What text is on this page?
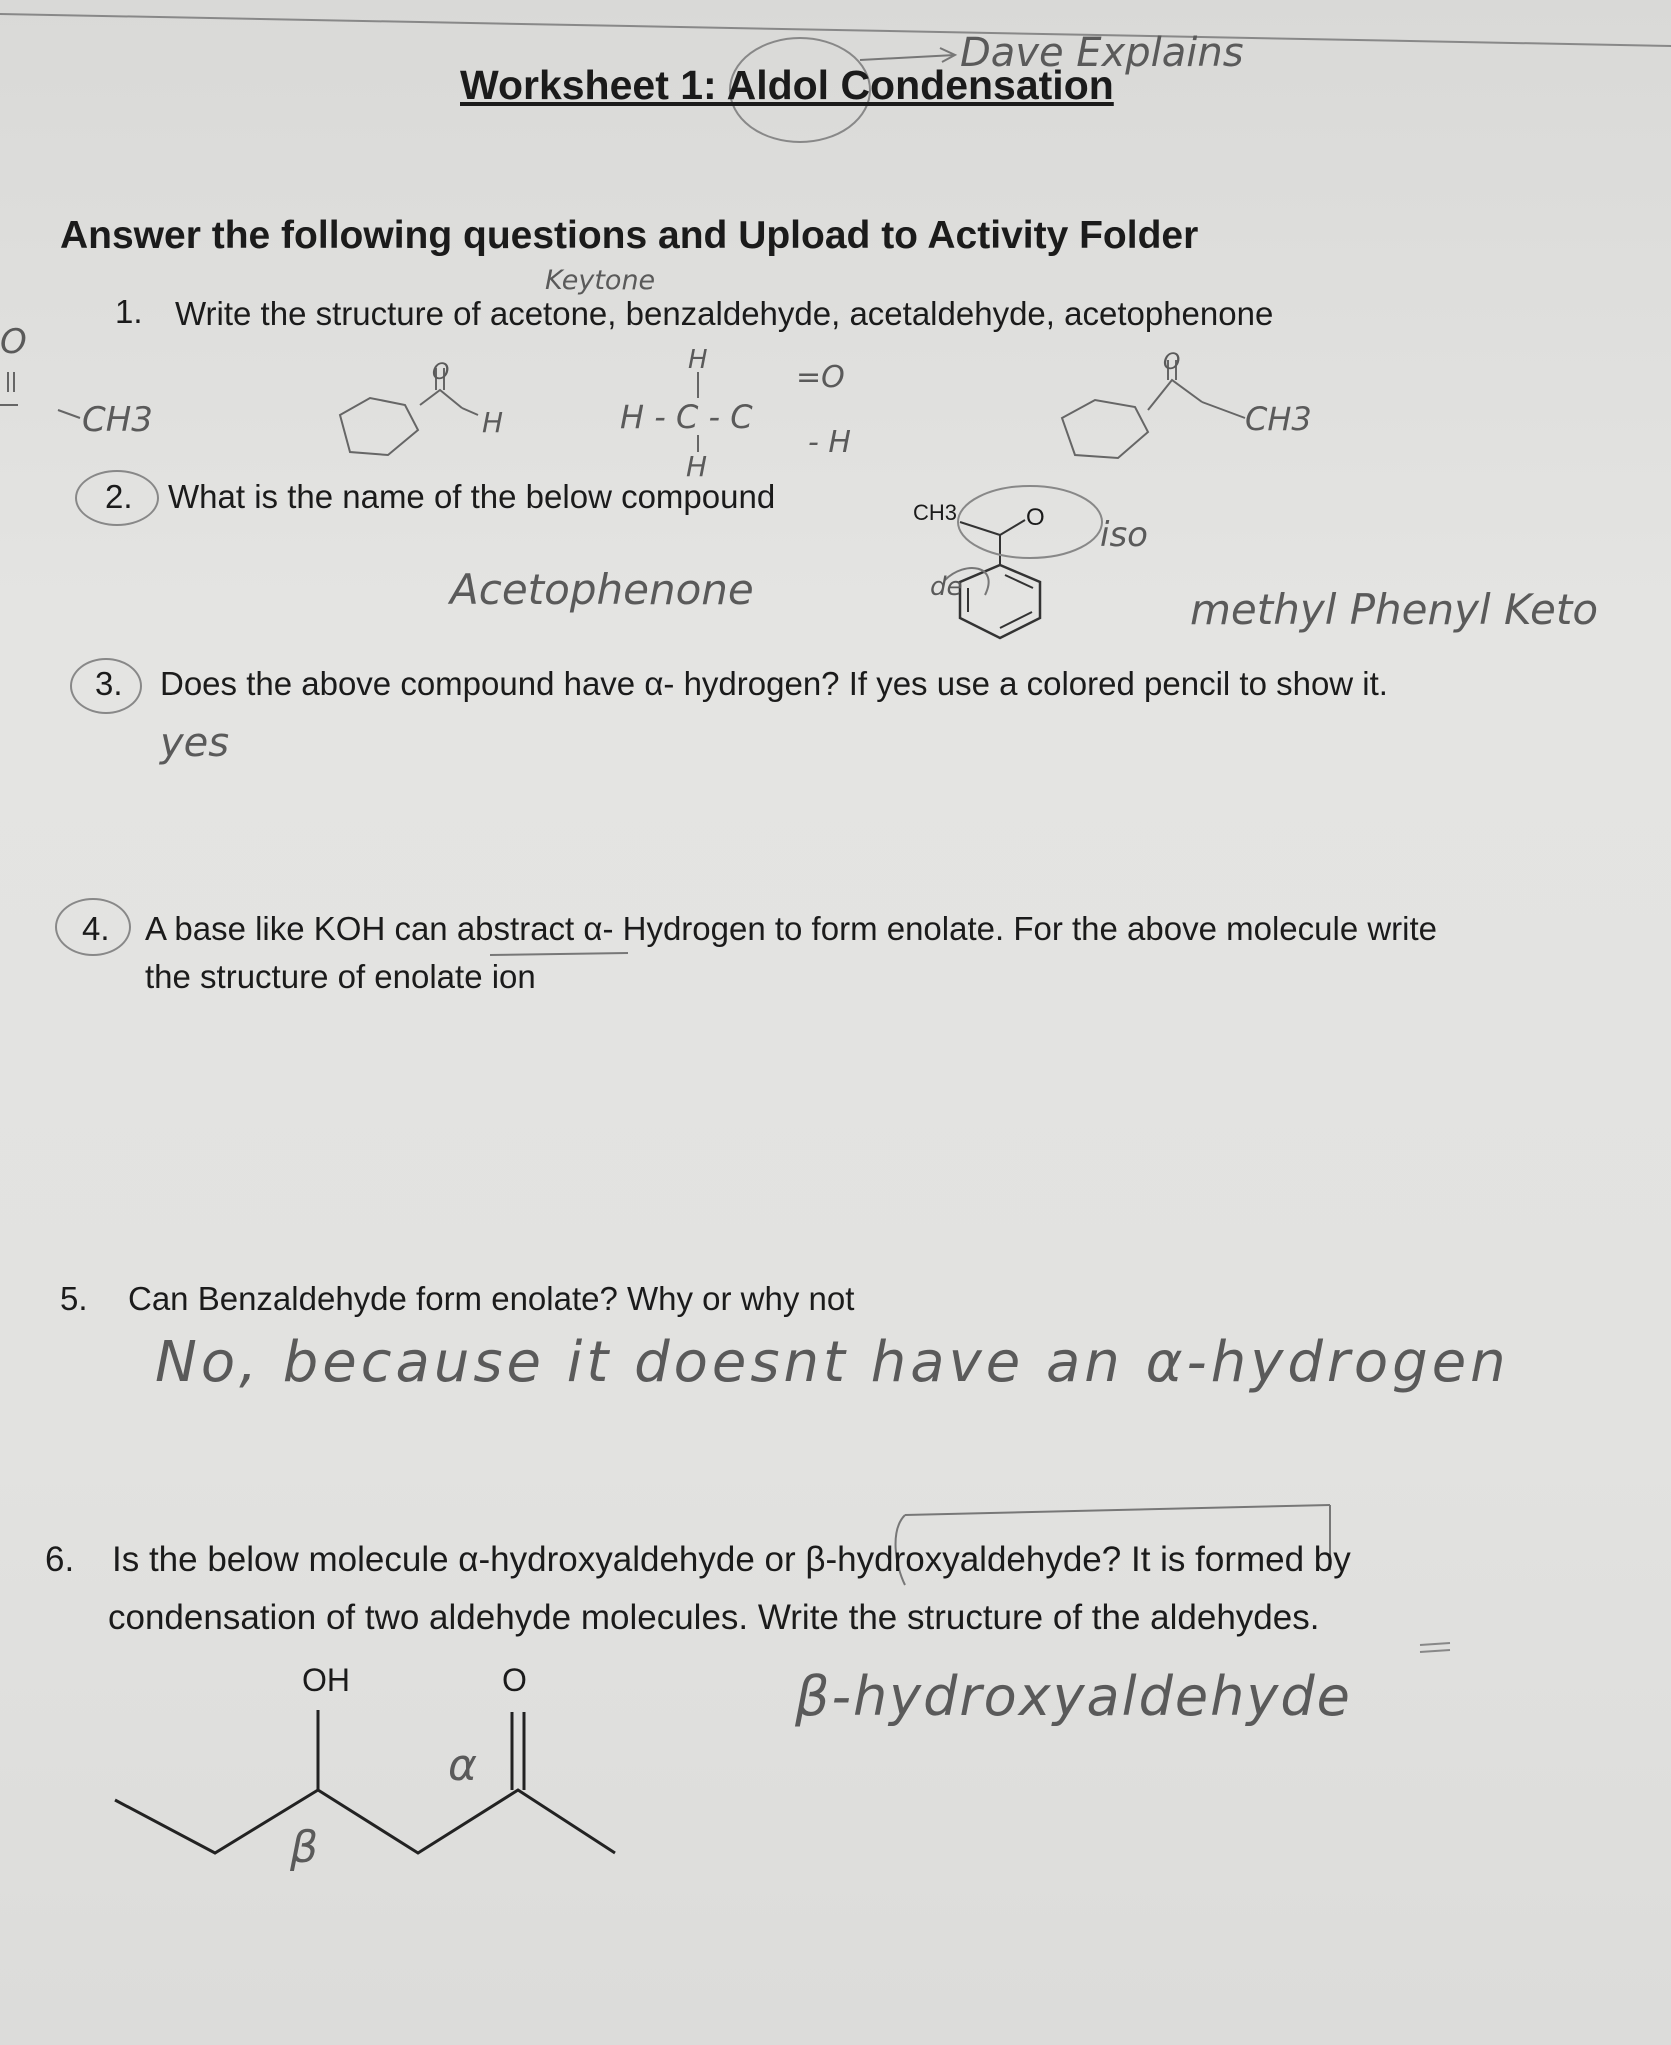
Worksheet 1: Aldol Condensation
Dave Explains
Answer the following questions and Upload to Activity Folder
1. Write the structure of acetone, benzaldehyde, acetaldehyde, acetophenone
Keytone
O
CH3
O
H
H
H - C - C
=O
- H
H
O
CH3
2. What is the name of the below compound	CH3	O
Acetophenone
iso
de	methyl Phenyl Keto
3. Does the above compound have α- hydrogen? If yes use a colored pencil to show it.
yes
4. A base like KOH can abstract α- Hydrogen to form enolate. For the above molecule write
the structure of enolate ion
5. Can Benzaldehyde form enolate? Why or why not
No, because it doesnt have an α-hydrogen
6. Is the below molecule α-hydroxyaldehyde or β-hydroxyaldehyde? It is formed by
condensation of two aldehyde molecules. Write the structure of the aldehydes.
OH	O
α
β
β-hydroxyaldehyde
